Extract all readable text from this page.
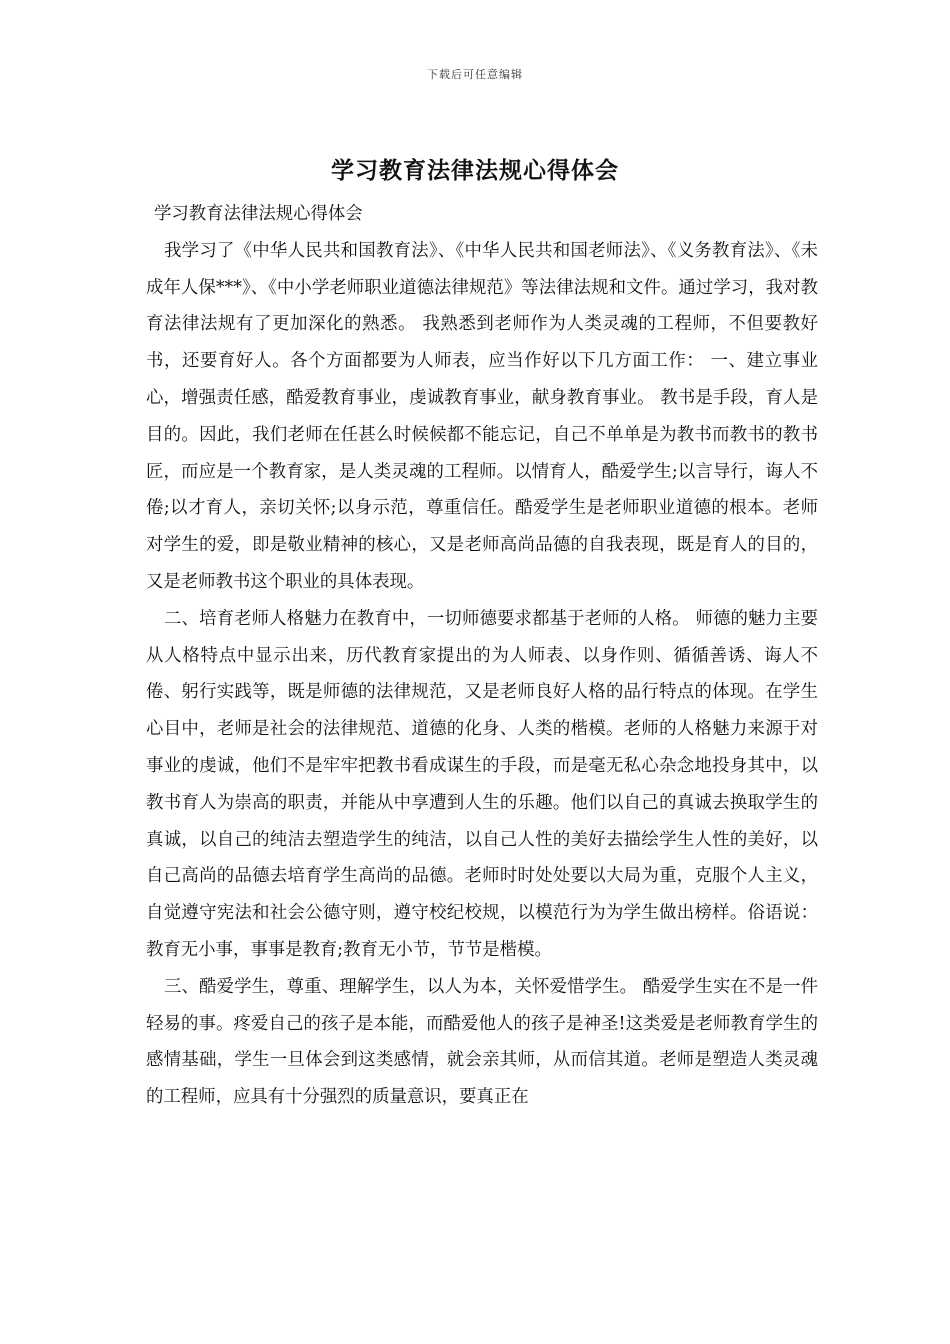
下载后可任意编辑
学习教育法律法规心得体会

学习教育法律法规心得体会

我学习了《中华人民共和国教育法》、《中华人民共和国老师法》、《义务教育法》、《未成年人保***》、《中小学老师职业道德法律规范》等法律法规和文件。通过学习，我对教育法律法规有了更加深化的熟悉。 我熟悉到老师作为人类灵魂的工程师，不但要教好书，还要育好人。各个方面都要为人师表，应当作好以下几方面工作： 一、建立事业心，增强责任感，酷爱教育事业，虔诚教育事业，献身教育事业。 教书是手段，育人是目的。因此，我们老师在任甚么时候候都不能忘记，自己不单单是为教书而教书的教书匠，而应是一个教育家，是人类灵魂的工程师。以情育人，酷爱学生;以言导行，诲人不倦;以才育人，亲切关怀;以身示范，尊重信任。酷爱学生是老师职业道德的根本。老师对学生的爱，即是敬业精神的核心，又是老师高尚品德的自我表现，既是育人的目的，又是老师教书这个职业的具体表现。

二、培育老师人格魅力在教育中，一切师德要求都基于老师的人格。 师德的魅力主要从人格特点中显示出来，历代教育家提出的为人师表、以身作则、循循善诱、诲人不倦、躬行实践等，既是师德的法律规范，又是老师良好人格的品行特点的体现。在学生心目中，老师是社会的法律规范、道德的化身、人类的楷模。老师的人格魅力来源于对事业的虔诚，他们不是牢牢把教书看成谋生的手段，而是毫无私心杂念地投身其中，以教书育人为崇高的职责，并能从中享遭到人生的乐趣。他们以自己的真诚去换取学生的真诚，以自己的纯洁去塑造学生的纯洁，以自己人性的美好去描绘学生人性的美好，以自己高尚的品德去培育学生高尚的品德。老师时时处处要以大局为重，克服个人主义，自觉遵守宪法和社会公德守则，遵守校纪校规，以模范行为为学生做出榜样。俗语说：教育无小事，事事是教育;教育无小节，节节是楷模。

三、酷爱学生，尊重、理解学生，以人为本，关怀爱惜学生。 酷爱学生实在不是一件轻易的事。疼爱自己的孩子是本能，而酷爱他人的孩子是神圣!这类爱是老师教育学生的感情基础，学生一旦体会到这类感情，就会亲其师，从而信其道。老师是塑造人类灵魂的工程师，应具有十分强烈的质量意识，要真正在
